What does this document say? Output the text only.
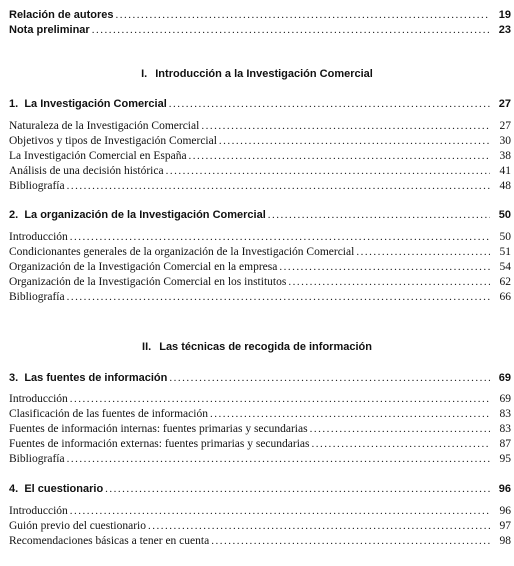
Relación de autores .....	19
Nota preliminar .....	23
I. Introducción a la Investigación Comercial
1. La Investigación Comercial .....	27
Naturaleza de la Investigación Comercial .....	27
Objetivos y tipos de Investigación Comercial .....	30
La Investigación Comercial en España .....	38
Análisis de una decisión histórica .....	41
Bibliografía .....	48
2. La organización de la Investigación Comercial .....	50
Introducción .....	50
Condicionantes generales de la organización de la Investigación Comercial .....	51
Organización de la Investigación Comercial en la empresa .....	54
Organización de la Investigación Comercial en los institutos .....	62
Bibliografía .....	66
II. Las técnicas de recogida de información
3. Las fuentes de información .....	69
Introducción .....	69
Clasificación de las fuentes de información .....	83
Fuentes de información internas: fuentes primarias y secundarias .....	83
Fuentes de información externas: fuentes primarias y secundarias .....	87
Bibliografía .....	95
4. El cuestionario .....	96
Introducción .....	96
Guión previo del cuestionario .....	97
Recomendaciones básicas a tener en cuenta .....	98
